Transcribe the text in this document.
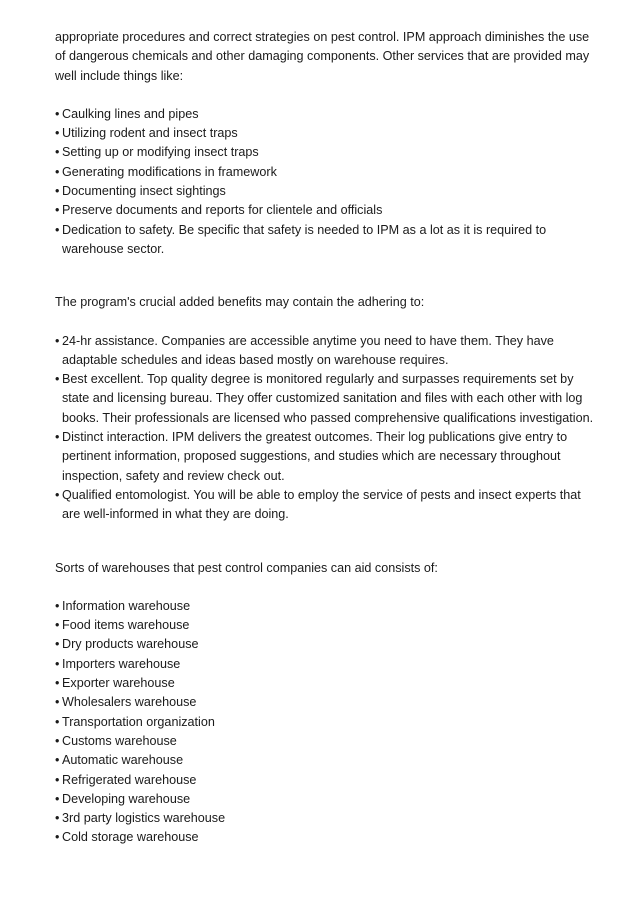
appropriate procedures and correct strategies on pest control. IPM approach diminishes the use of dangerous chemicals and other damaging components. Other services that are provided may well include things like:

• Caulking lines and pipes
• Utilizing rodent and insect traps
• Setting up or modifying insect traps
• Generating modifications in framework
• Documenting insect sightings
• Preserve documents and reports for clientele and officials
• Dedication to safety. Be specific that safety is needed to IPM as a lot as it is required to warehouse sector.

The program's crucial added benefits may contain the adhering to:

• 24-hr assistance. Companies are accessible anytime you need to have them. They have adaptable schedules and ideas based mostly on warehouse requires.
• Best excellent. Top quality degree is monitored regularly and surpasses requirements set by state and licensing bureau. They offer customized sanitation and files with each other with log books. Their professionals are licensed who passed comprehensive qualifications investigation.
• Distinct interaction. IPM delivers the greatest outcomes. Their log publications give entry to pertinent information, proposed suggestions, and studies which are necessary throughout inspection, safety and review check out.
• Qualified entomologist. You will be able to employ the service of pests and insect experts that are well-informed in what they are doing.

Sorts of warehouses that pest control companies can aid consists of:

• Information warehouse
• Food items warehouse
• Dry products warehouse
• Importers warehouse
• Exporter warehouse
• Wholesalers warehouse
• Transportation organization
• Customs warehouse
• Automatic warehouse
• Refrigerated warehouse
• Developing warehouse
• 3rd party logistics warehouse
• Cold storage warehouse
